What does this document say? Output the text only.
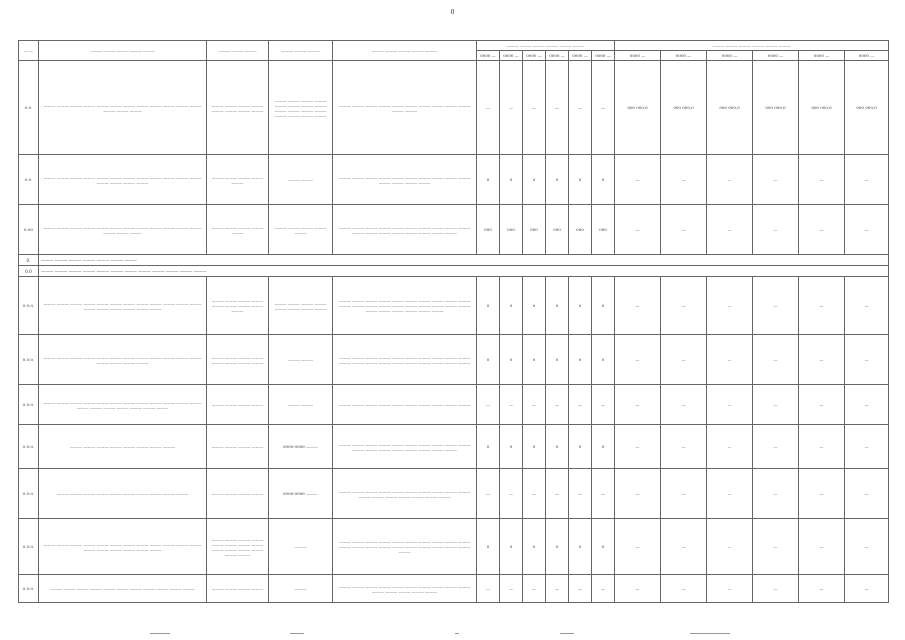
0
— —	——— ——— ——— ——— ———	——— ——— ———	——— ——— ———	——— ——— ——— ——— ———	——— ——— ——— ——— ——— ———						——— ——— ——— ——— ——— ———					
					0000 —	0000 —	0000 —	0000 —	0000 —	0000 —	0000 —	0000 —	0000 —	0000 —	0000 —	0000 —
0.0.	——— ——— ——— ——— ——— ——— ——— ——— ——— ——— ——— ——— ——— ——— ———	——— ——— ——— ——— ——— ——— ——— ———	——— ——— ——— ——— ——— ——— ——— ——— ——— ——— ——— ——— ——— ——— ——— ———	——— ——— ——— ——— ——— ——— ——— ——— ——— ——— ——— ———	—	—	—	—	—	—	000 000,0	000 000,0	000 000,0	000 000,0	000 000,0	000 000,0
0.0.	——— ——— ——— ——— ——— ——— ——— ——— ——— ——— ——— ——— ——— ——— ——— ———	——— ——— ——— ——— ———	——— ———	——— ——— ——— ——— ——— ——— ——— ——— ——— ——— ——— ——— ——— ———	0	0	0	0	0	0	—	—	—	—	—	—
0.00	——— ——— ——— ——— ——— ——— ——— ——— ——— ——— ——— ——— ——— ——— ———	——— ——— ——— ——— ———	——— ——— ——— ——— ———	——— ——— ——— ——— ——— ——— ——— ——— ——— ——— ——— ——— ——— ——— ——— ——— ——— ———	000	000	000	000	000	000	—	—	—	—	—	—
0.	——— ——— ——— ——— ——— ——— ———															
0.0	——— ——— ——— ——— ——— ——— ——— ——— ——— ——— ——— ———															
0.0.0.	——— ——— ——— ——— ——— ——— ——— ——— ——— ——— ——— ——— ——— ——— ——— ——— ——— ———	——— ——— ——— ——— ——— ——— ——— ——— ———	——— ——— ——— ——— ——— ——— ——— ———	——— ——— ——— ——— ——— ——— ——— ——— ——— ——— ——— ——— ——— ——— ——— ——— ——— ——— ——— ——— ——— ——— ——— ——— ——— ———	0	0	0	0	0	0	—	—	—	—	—	—
0.0.0.	——— ——— ——— ——— ——— ——— ——— ——— ——— ——— ——— ——— ——— ——— ——— ———	——— ——— ——— ——— ——— ——— ——— ———	——— ———	——— ——— ——— ——— ——— ——— ——— ——— ——— ——— ——— ——— ——— ——— ——— ——— ——— ——— ——— ———	0	0	0	0	0	0	—	—	—	—	—	—
0.0.0.	——— ——— ——— ——— ——— ——— ——— ——— ——— ——— ——— ——— ——— ——— ——— ——— ——— ——— ———	——— ——— ——— ———	——— ———	——— ——— ——— ——— ——— ——— ——— ——— ——— ———	—	—	—	—	—	—	—	—	—	—	—	—
0.0.0.	——— ——— ——— ——— ——— ——— ——— ———	——— ——— ——— ———	0000-0000 ———	——— ——— ——— ——— ——— ——— ——— ——— ——— ——— ——— ——— ——— ——— ——— ——— ——— ———	0	0	0	0	0	0	—	—	—	—	—	—
0.0.0.	——— ——— ——— ——— ——— ——— ——— ——— ——— ———	——— ——— ——— ———	0000-0000 ———	——— ——— ——— ——— ——— ——— ——— ——— ——— ——— ——— ——— ——— ——— ——— ——— ———	—	—	—	—	—	—	—	—	—	—	—	—
0.0.0.	——— ——— ——— ——— ——— ——— ——— ——— ——— ——— ——— ——— ——— ——— ——— ——— ——— ———	——— ——— ——— ——— ——— ——— ——— ——— ——— ——— ——— ——— ——— ———	———	——— ——— ——— ——— ——— ——— ——— ——— ——— ——— ——— ——— ——— ——— ——— ——— ——— ——— ——— ——— ———	0	0	0	0	0	0	—	—	—	—	—	—
0.0.0.	——— ——— ——— ——— ——— ——— ——— ——— ——— ——— ———	——— ——— ——— ———	———	——— ——— ——— ——— ——— ——— ——— ——— ——— ——— ——— ——— ——— ——— ———	—	—	—	—	—	—	—	—	—	—	—	—
